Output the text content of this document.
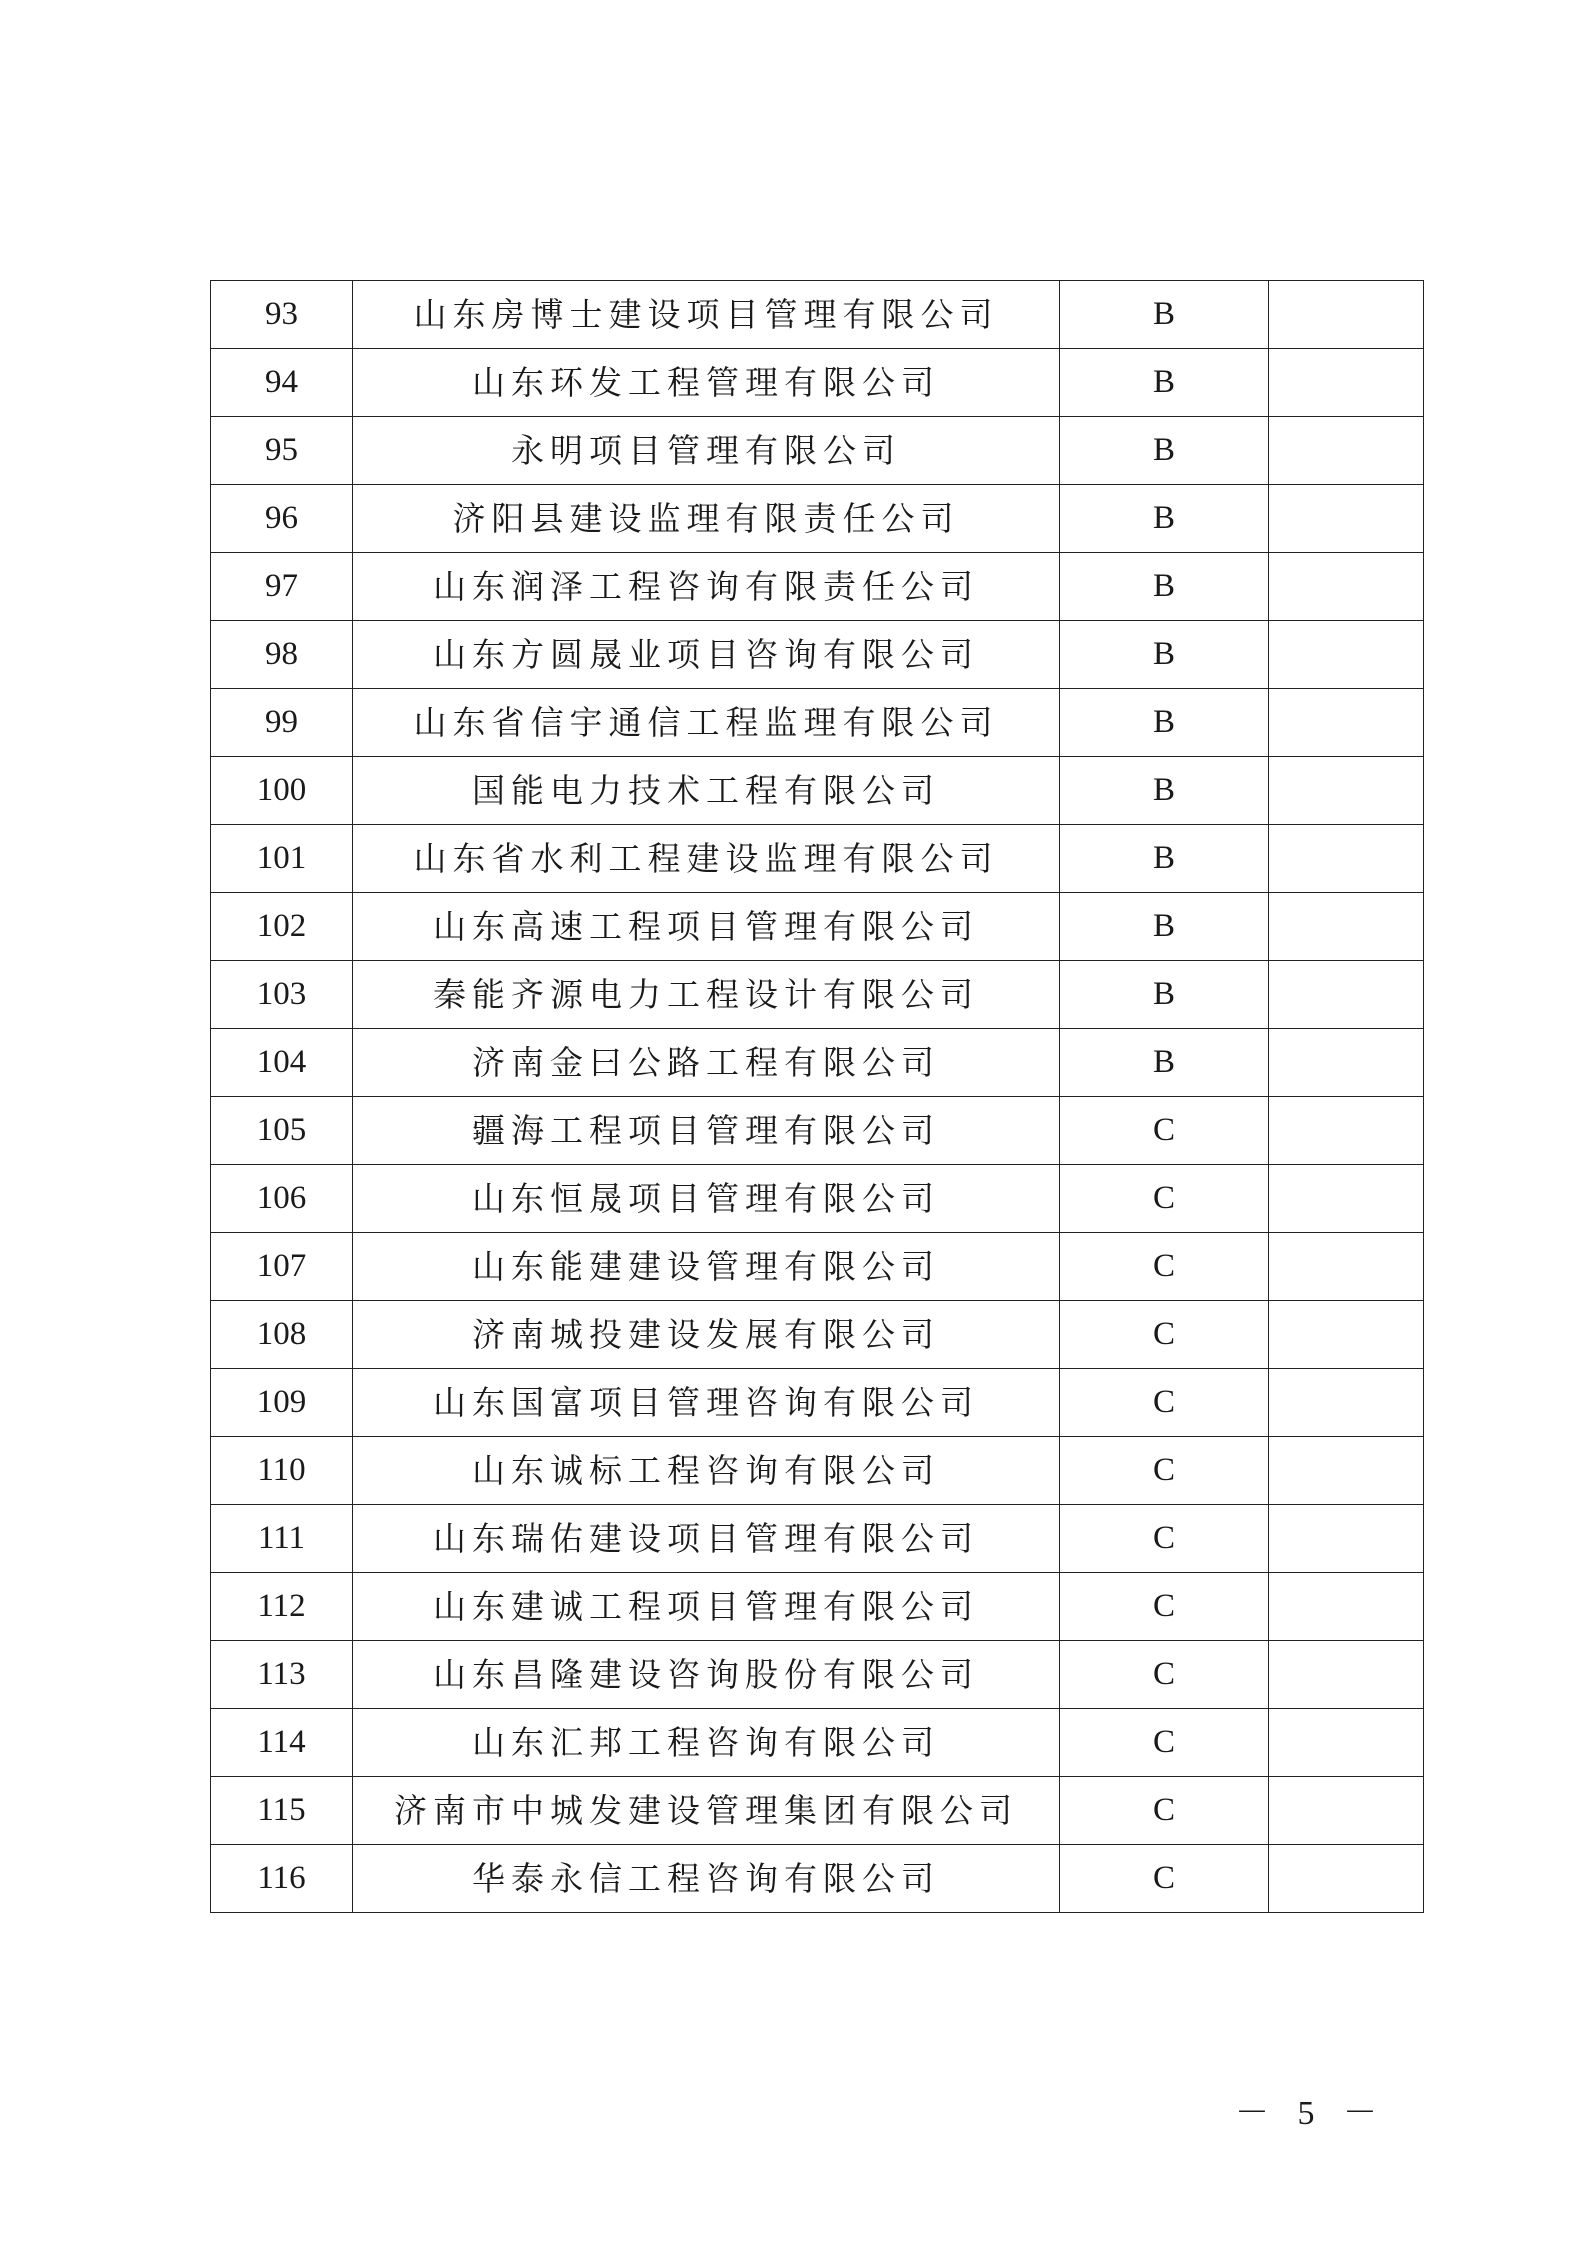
93	山东房博士建设项目管理有限公司	B	
94	山东环发工程管理有限公司	B	
95	永明项目管理有限公司	B	
96	济阳县建设监理有限责任公司	B	
97	山东润泽工程咨询有限责任公司	B	
98	山东方圆晟业项目咨询有限公司	B	
99	山东省信宇通信工程监理有限公司	B	
100	国能电力技术工程有限公司	B	
101	山东省水利工程建设监理有限公司	B	
102	山东高速工程项目管理有限公司	B	
103	秦能齐源电力工程设计有限公司	B	
104	济南金曰公路工程有限公司	B	
105	疆海工程项目管理有限公司	C	
106	山东恒晟项目管理有限公司	C	
107	山东能建建设管理有限公司	C	
108	济南城投建设发展有限公司	C	
109	山东国富项目管理咨询有限公司	C	
110	山东诚标工程咨询有限公司	C	
111	山东瑞佑建设项目管理有限公司	C	
112	山东建诚工程项目管理有限公司	C	
113	山东昌隆建设咨询股份有限公司	C	
114	山东汇邦工程咨询有限公司	C	
115	济南市中城发建设管理集团有限公司	C	
116	华泰永信工程咨询有限公司	C	
－ 5 －
